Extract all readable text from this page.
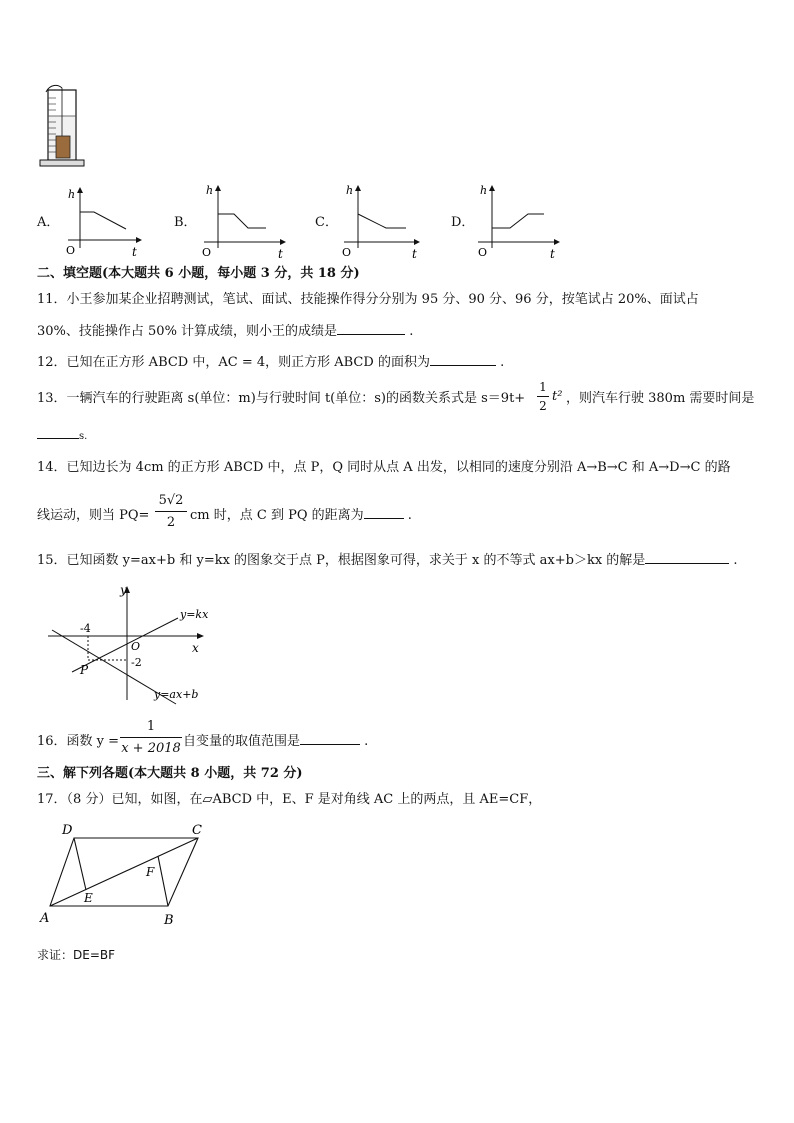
A．
h
O	t
B．
h
O	t
C．
h
O	t
D．
h
O	t
二、填空题(本大题共 6 小题，每小题 3 分，共 18 分)
11．小王参加某企业招聘测试，笔试、面试、技能操作得分分别为 95 分、90 分、96 分，按笔试占 20%、面试占
30%、技能操作占 50% 计算成绩，则小王的成绩是	.
12．已知在正方形 ABCD 中，AC = 4，则正方形 ABCD 的面积为	.
13．一辆汽车的行驶距离 s(单位：m)与行驶时间 t(单位：s)的函数关系式是 s＝9t+
1
2
t² ，则汽车行驶 380m 需要时间是
s.
14．已知边长为 4cm 的正方形 ABCD 中，点 P，Q 同时从点 A 出发，以相同的速度分别沿 A→B→C 和 A→D→C 的路
线运动，则当 PQ=
5√2
2	cm 时，点 C 到 PQ 的距离为	.
15．已知函数 y=ax+b 和 y=kx 的图象交于点 P，根据图象可得，求关于 x 的不等式 ax+b＞kx 的解是	.
y
x
O
-4
-2
P
y=kx
y=ax+b
16．函数 y =
1
x + 2018 自变量的取值范围是	.
三、解下列各题(本大题共 8 小题，共 72 分)
17．（8 分）已知，如图，在▱ABCD 中，E、F 是对角线 AC 上的两点，且 AE=CF，
A	B
C
D
E
F
求证：DE=BF
